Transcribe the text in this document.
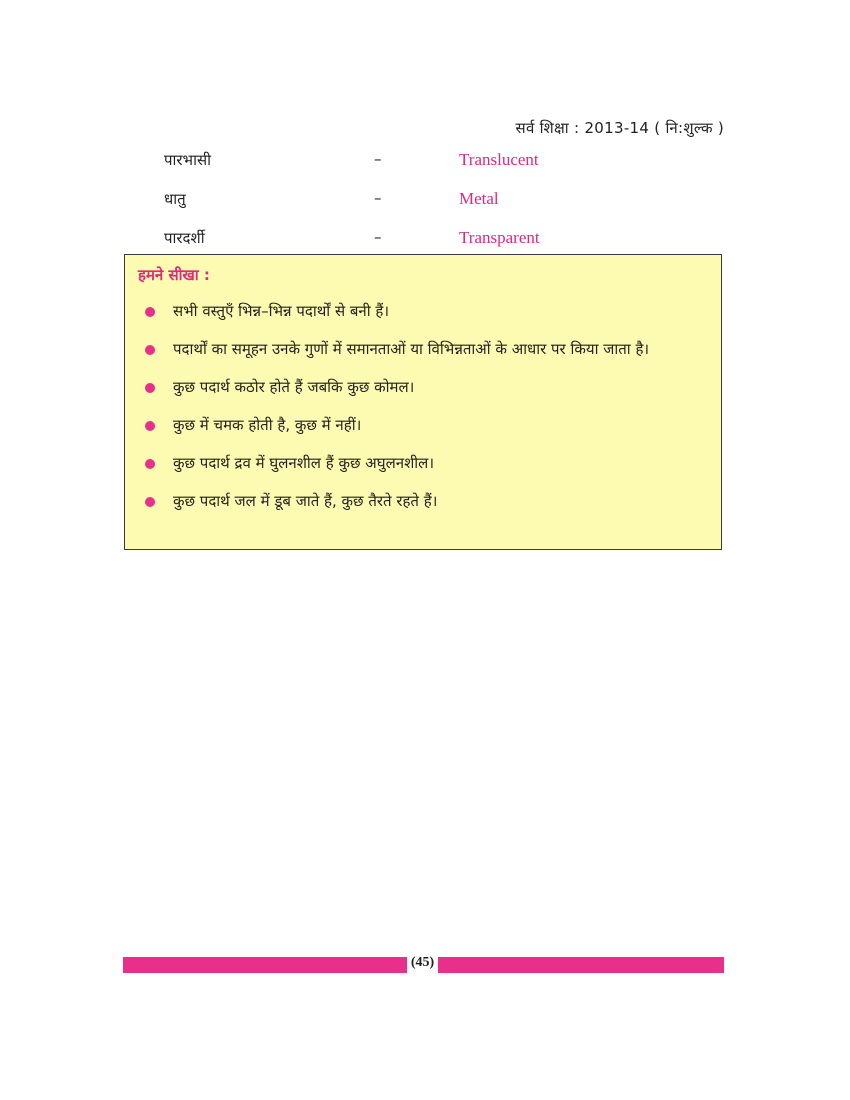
सर्व शिक्षा : 2013-14 ( नि:शुल्क )
पारभासी	–	Translucent
धातु	–	Metal
पारदर्शी	–	Transparent
हमने सीखा :
सभी वस्तुएँ भिन्न–भिन्न पदार्थों से बनी हैं।
पदार्थों का समूहन उनके गुणों में समानताओं या विभिन्नताओं के आधार पर किया जाता है।
कुछ पदार्थ कठोर होते हैं जबकि कुछ कोमल।
कुछ में चमक होती है, कुछ में नहीं।
कुछ पदार्थ द्रव में घुलनशील हैं कुछ अघुलनशील।
कुछ पदार्थ जल में डूब जाते हैं, कुछ तैरते रहते हैं।
(45)
